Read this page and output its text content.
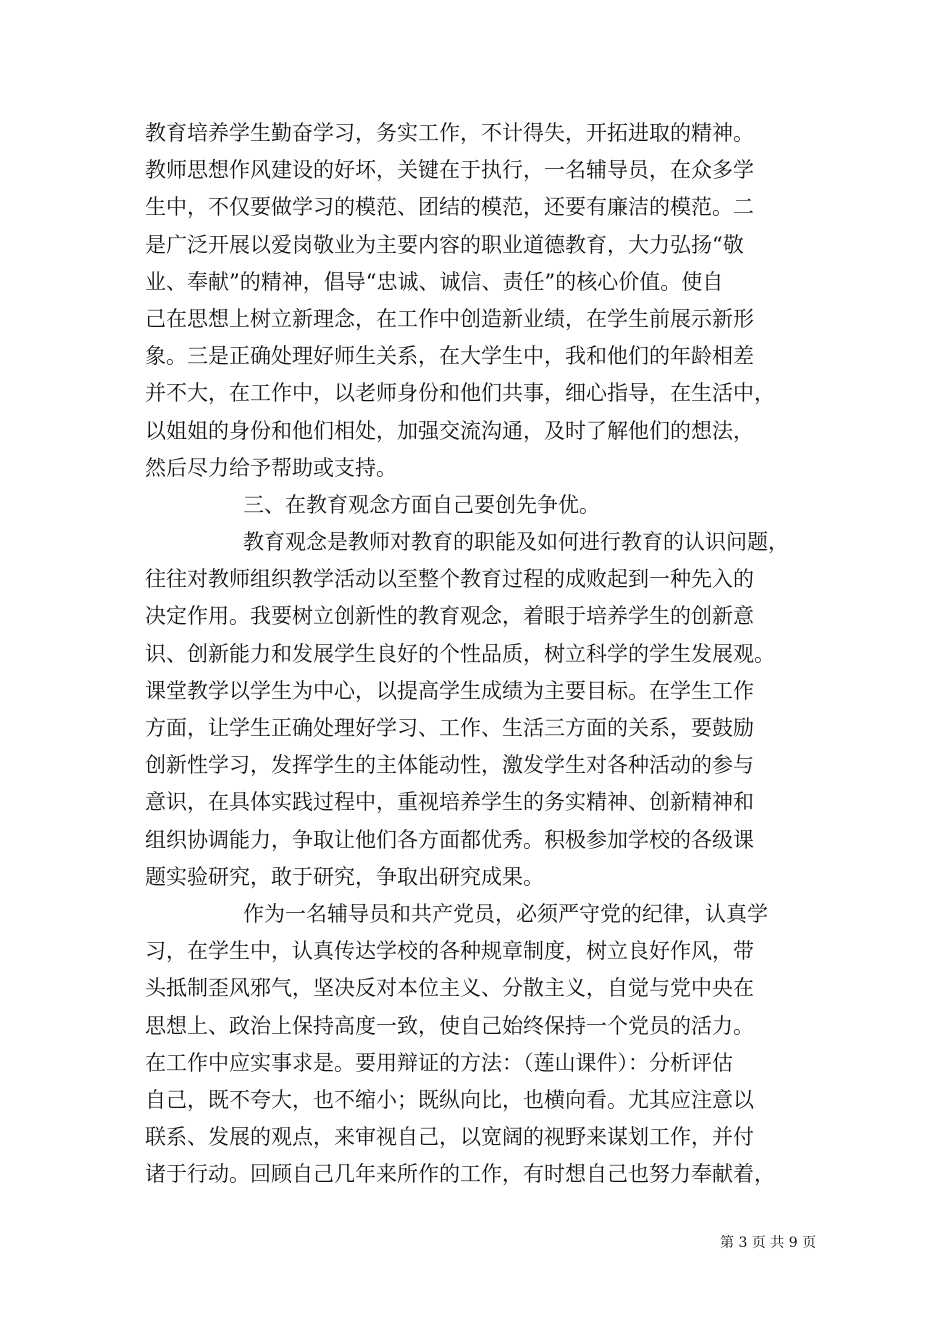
教育培养学生勤奋学习，务实工作，不计得失，开拓进取的精神。
教师思想作风建设的好坏，关键在于执行，一名辅导员，在众多学
生中，不仅要做学习的模范、团结的模范，还要有廉洁的模范。二
是广泛开展以爱岗敬业为主要内容的职业道德教育，大力弘扬“敬
业、奉献”的精神，倡导“忠诚、诚信、责任”的核心价值。使自
己在思想上树立新理念，在工作中创造新业绩，在学生前展示新形
象。三是正确处理好师生关系，在大学生中，我和他们的年龄相差
并不大，在工作中，以老师身份和他们共事，细心指导，在生活中，
以姐姐的身份和他们相处，加强交流沟通，及时了解他们的想法，
然后尽力给予帮助或支持。
三、在教育观念方面自己要创先争优。
教育观念是教师对教育的职能及如何进行教育的认识问题，
往往对教师组织教学活动以至整个教育过程的成败起到一种先入的
决定作用。我要树立创新性的教育观念，着眼于培养学生的创新意
识、创新能力和发展学生良好的个性品质，树立科学的学生发展观。
课堂教学以学生为中心，以提高学生成绩为主要目标。在学生工作
方面，让学生正确处理好学习、工作、生活三方面的关系，要鼓励
创新性学习，发挥学生的主体能动性，激发学生对各种活动的参与
意识，在具体实践过程中，重视培养学生的务实精神、创新精神和
组织协调能力，争取让他们各方面都优秀。积极参加学校的各级课
题实验研究，敢于研究，争取出研究成果。
作为一名辅导员和共产党员，必须严守党的纪律，认真学
习，在学生中，认真传达学校的各种规章制度，树立良好作风，带
头抵制歪风邪气，坚决反对本位主义、分散主义，自觉与党中央在
思想上、政治上保持高度一致，使自己始终保持一个党员的活力。
在工作中应实事求是。要用辩证的方法：（莲山课件）：分析评估
自己，既不夸大，也不缩小；既纵向比，也横向看。尤其应注意以
联系、发展的观点，来审视自己，以宽阔的视野来谋划工作，并付
诸于行动。回顾自己几年来所作的工作，有时想自己也努力奉献着，
第 3 页 共 9 页
